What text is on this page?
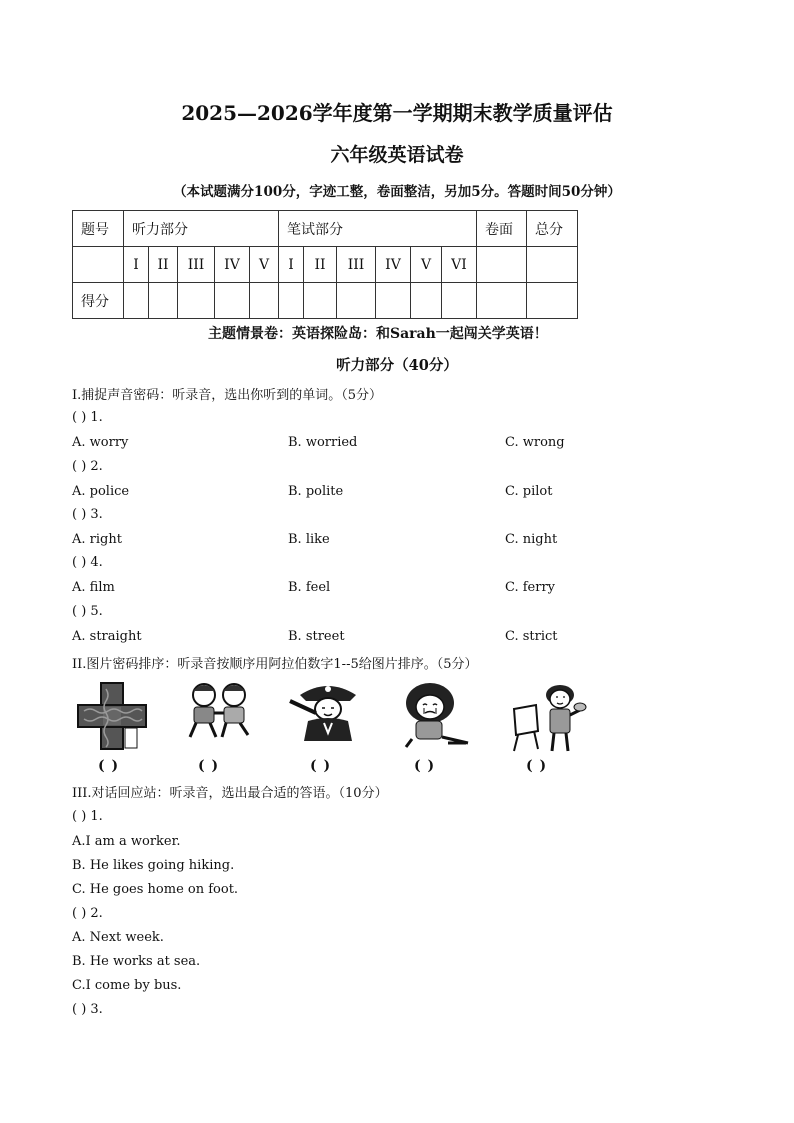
2025—2026学年度第一学期期末教学质量评估
六年级英语试卷
（本试题满分100分，字迹工整，卷面整洁，另加5分。答题时间50分钟）
题号	听力部分					笔试部分						卷面	总分
	I	II	III	IV	V	I	II	III	IV	V	VI		
得分													
主题情景卷：英语探险岛：和Sarah一起闯关学英语！
听力部分（40分）
I.捕捉声音密码：听录音，选出你听到的单词。（5分）
( ) 1.
A. worry	B. worried	C. wrong
( ) 2.
A. police	B. polite	C. pilot
( ) 3.
A. right	B. like	C. night
( ) 4.
A. film	B. feel	C. ferry
( ) 5.
A. straight	B. street	C. strict
II.图片密码排序：听录音按顺序用阿拉伯数字1--5给图片排序。（5分）
( )	( )	( )	( )	( )
III.对话回应站：听录音，选出最合适的答语。（10分）
( ) 1.
A.I am a worker.
B. He likes going hiking.
C. He goes home on foot.
( ) 2.
A. Next week.
B. He works at sea.
C.I come by bus.
( ) 3.
